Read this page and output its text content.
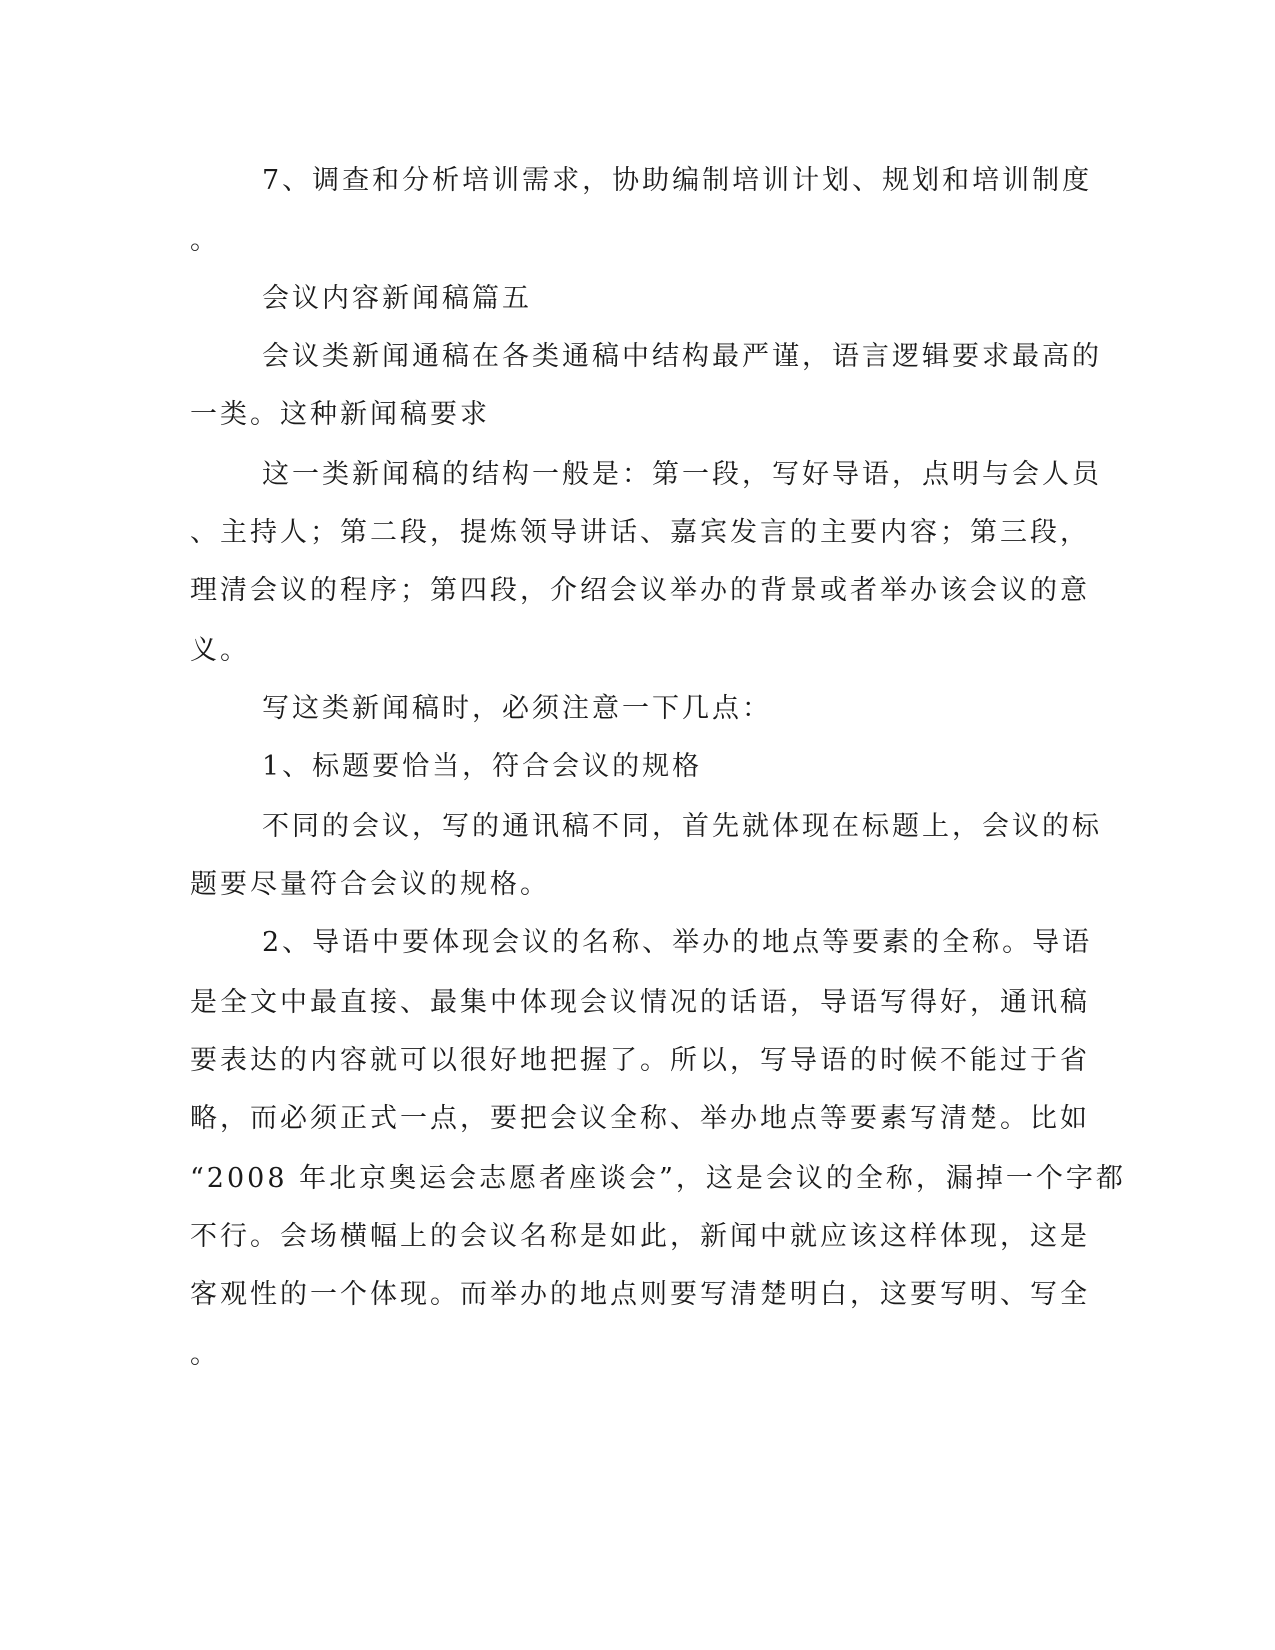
7、调查和分析培训需求，协助编制培训计划、规划和培训制度
。
会议内容新闻稿篇五
会议类新闻通稿在各类通稿中结构最严谨，语言逻辑要求最高的
一类。这种新闻稿要求
这一类新闻稿的结构一般是：第一段，写好导语，点明与会人员
、主持人；第二段，提炼领导讲话、嘉宾发言的主要内容；第三段，
理清会议的程序；第四段，介绍会议举办的背景或者举办该会议的意
义。
写这类新闻稿时，必须注意一下几点：
1、标题要恰当，符合会议的规格
不同的会议，写的通讯稿不同，首先就体现在标题上，会议的标
题要尽量符合会议的规格。
2、导语中要体现会议的名称、举办的地点等要素的全称。导语
是全文中最直接、最集中体现会议情况的话语，导语写得好，通讯稿
要表达的内容就可以很好地把握了。所以，写导语的时候不能过于省
略，而必须正式一点，要把会议全称、举办地点等要素写清楚。比如
“2008 年北京奥运会志愿者座谈会”，这是会议的全称，漏掉一个字都
不行。会场横幅上的会议名称是如此，新闻中就应该这样体现，这是
客观性的一个体现。而举办的地点则要写清楚明白，这要写明、写全
。
